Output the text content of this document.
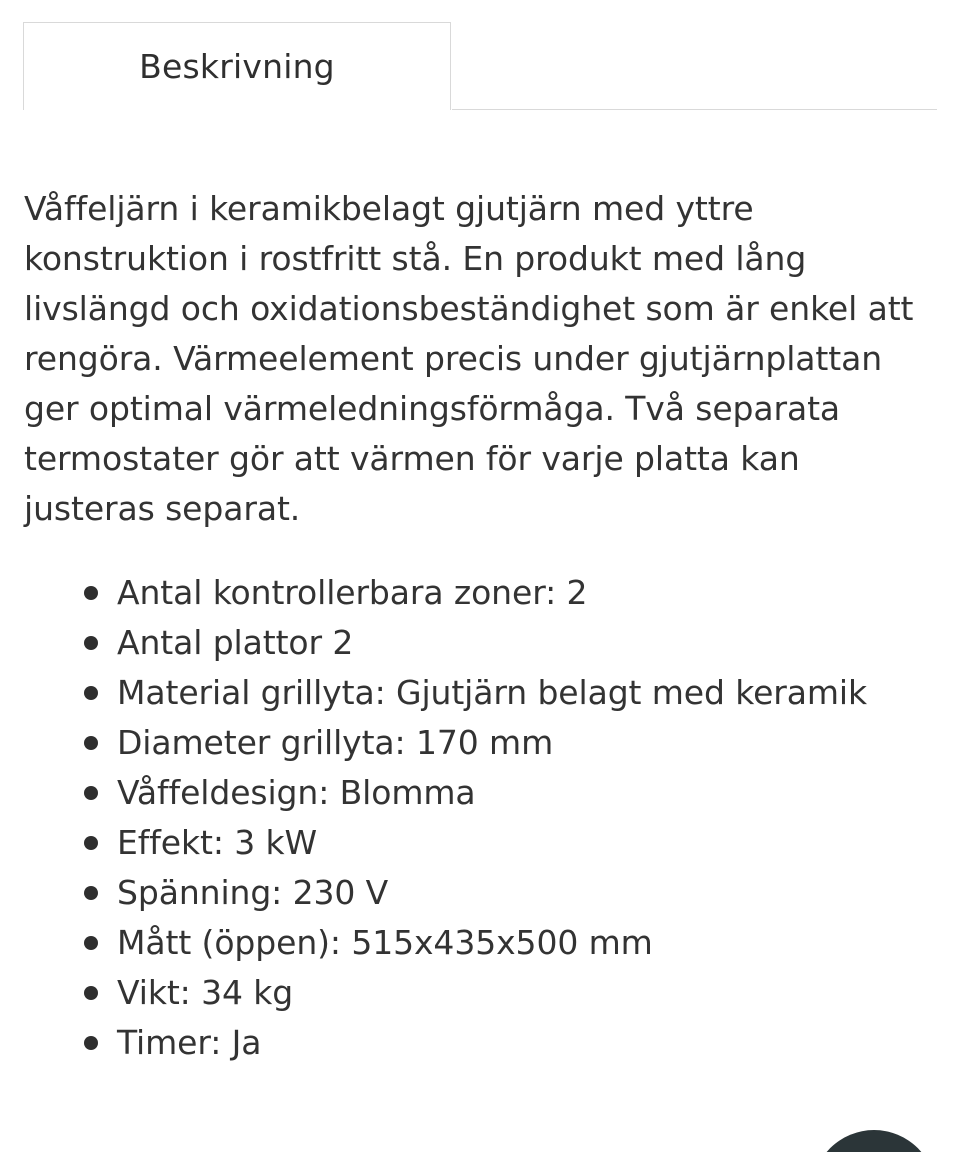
Beskrivning

Våffeljärn i keramikbelagt gjutjärn med yttre konstruktion i rostfritt stå. En produkt med lång livslängd och oxidationsbeständighet som är enkel att rengöra. Värmeelement precis under gjutjärnplattan ger optimal värmeledningsförmåga. Två separata termostater gör att värmen för varje platta kan justeras separat.

Antal kontrollerbara zoner: 2
Antal plattor 2
Material grillyta: Gjutjärn belagt med keramik
Diameter grillyta: 170 mm
Våffeldesign: Blomma
Effekt: 3 kW
Spänning: 230 V
Mått (öppen): 515x435x500 mm
Vikt: 34 kg
Timer: Ja
